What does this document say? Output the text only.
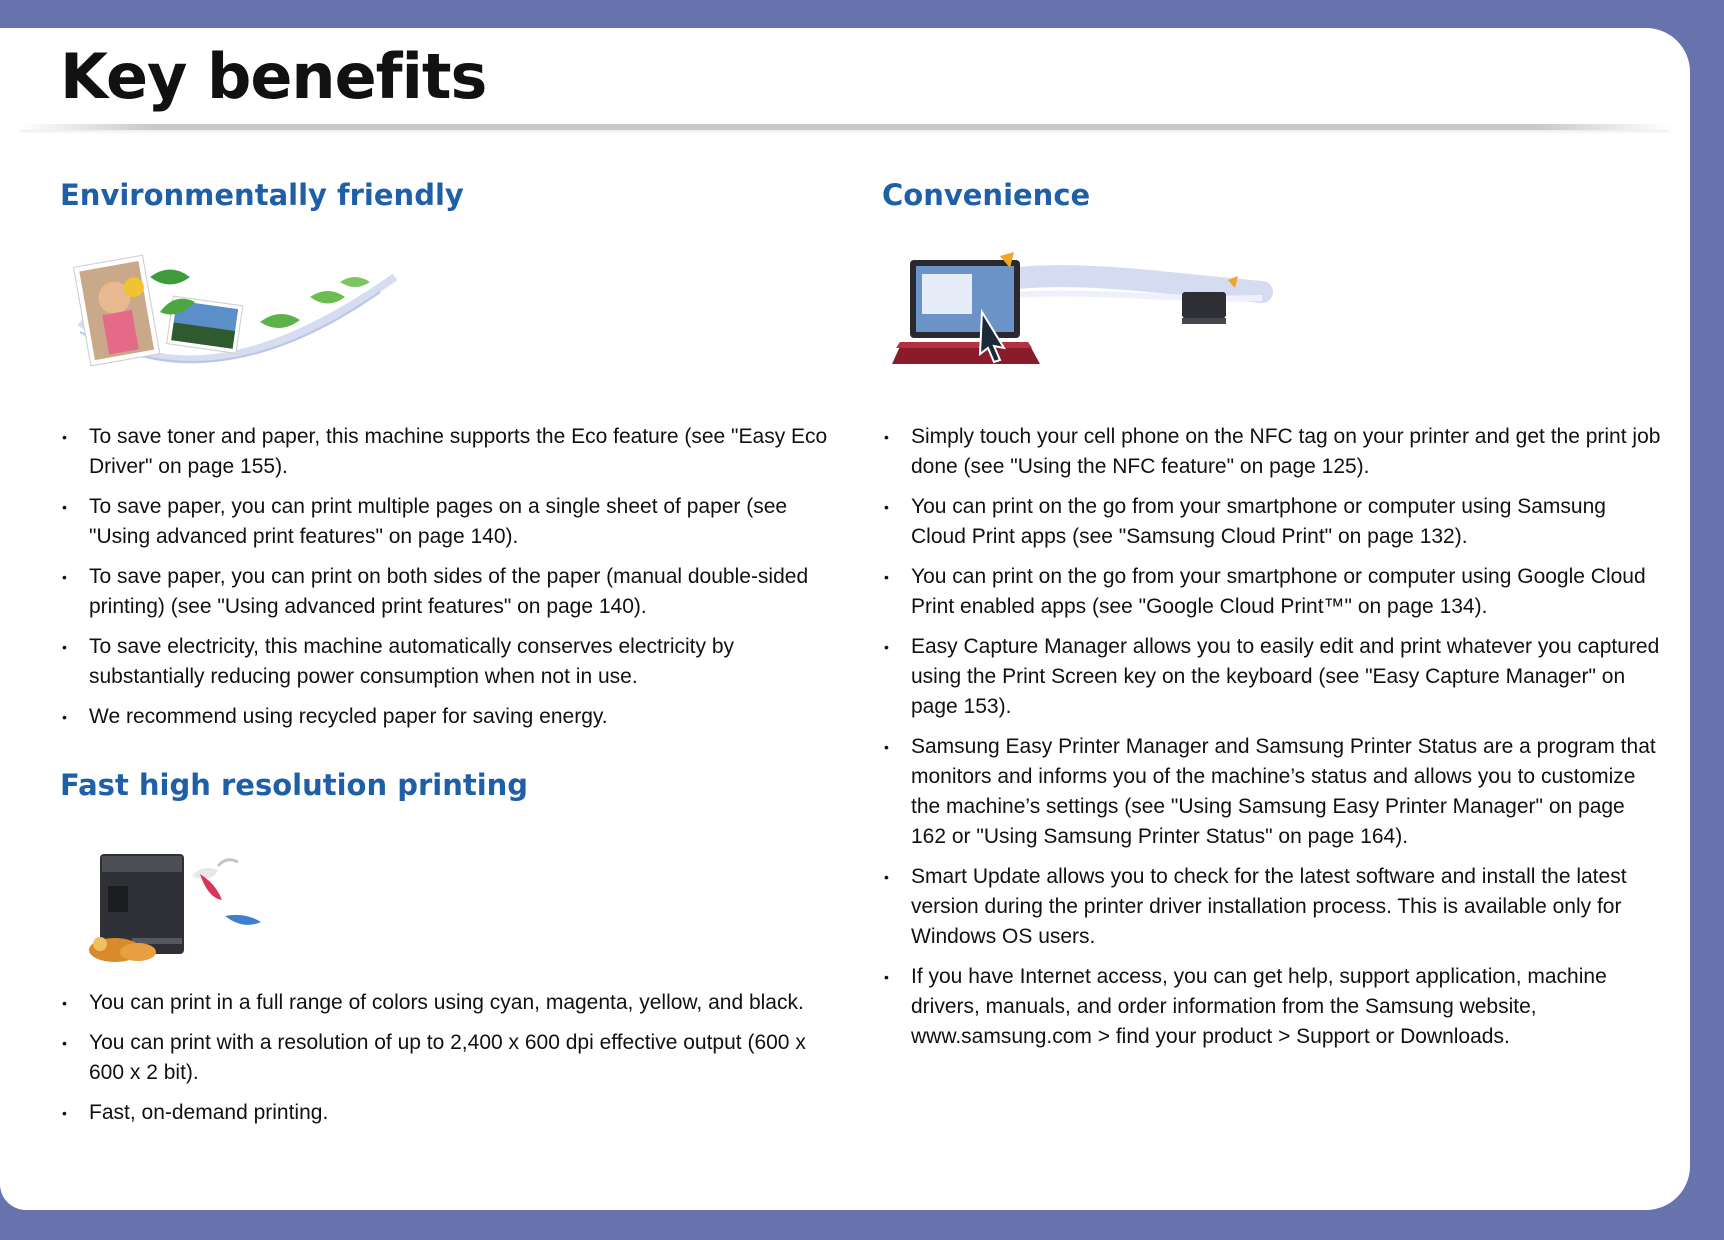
Key benefits
Environmentally friendly
• To save toner and paper, this machine supports the Eco feature (see "Easy Eco Driver" on page 155).
• To save paper, you can print multiple pages on a single sheet of paper (see "Using advanced print features" on page 140).
• To save paper, you can print on both sides of the paper (manual double-sided printing) (see "Using advanced print features" on page 140).
• To save electricity, this machine automatically conserves electricity by substantially reducing power consumption when not in use.
• We recommend using recycled paper for saving energy.
Fast high resolution printing
• You can print in a full range of colors using cyan, magenta, yellow, and black.
• You can print with a resolution of up to 2,400 x 600 dpi effective output (600 x 600 x 2 bit).
• Fast, on-demand printing.
Convenience
• Simply touch your cell phone on the NFC tag on your printer and get the print job done (see "Using the NFC feature" on page 125).
• You can print on the go from your smartphone or computer using Samsung Cloud Print apps (see "Samsung Cloud Print" on page 132).
• You can print on the go from your smartphone or computer using Google Cloud Print enabled apps (see "Google Cloud Print™" on page 134).
• Easy Capture Manager allows you to easily edit and print whatever you captured using the Print Screen key on the keyboard (see "Easy Capture Manager" on page 153).
• Samsung Easy Printer Manager and Samsung Printer Status are a program that monitors and informs you of the machine’s status and allows you to customize the machine’s settings (see "Using Samsung Easy Printer Manager" on page 162 or "Using Samsung Printer Status" on page 164).
• Smart Update allows you to check for the latest software and install the latest version during the printer driver installation process. This is available only for Windows OS users.
• If you have Internet access, you can get help, support application, machine drivers, manuals, and order information from the Samsung website, www.samsung.com > find your product > Support or Downloads.
